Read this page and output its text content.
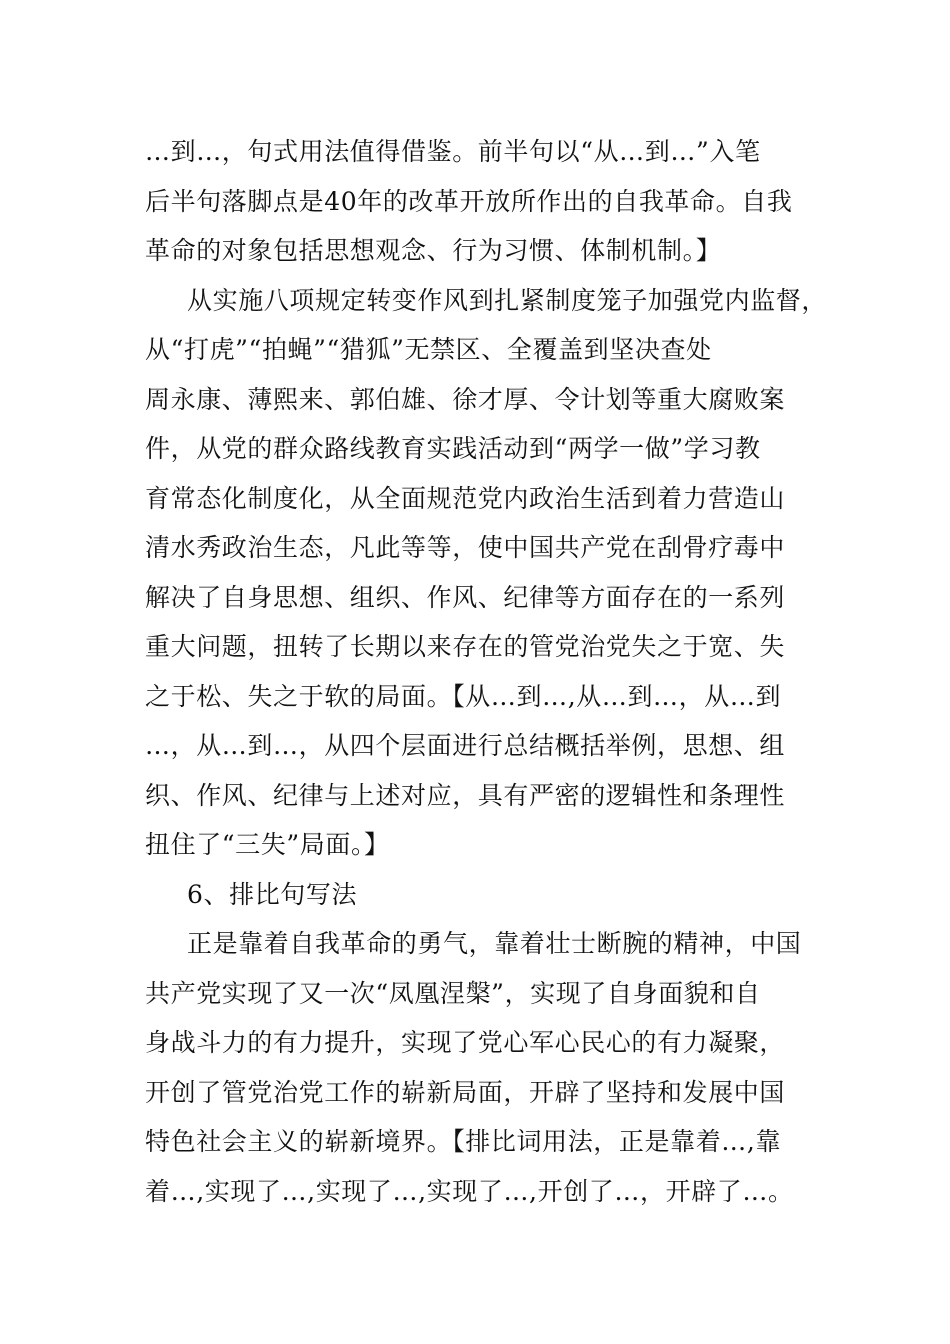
…到…，句式用法值得借鉴。前半句以“从…到…”入笔
后半句落脚点是40年的改革开放所作出的自我革命。自我
革命的对象包括思想观念、行为习惯、体制机制。】
从实施八项规定转变作风到扎紧制度笼子加强党内监督，
从“打虎”“拍蝇”“猎狐”无禁区、全覆盖到坚决查处
周永康、薄熙来、郭伯雄、徐才厚、令计划等重大腐败案
件，从党的群众路线教育实践活动到“两学一做”学习教
育常态化制度化，从全面规范党内政治生活到着力营造山
清水秀政治生态，凡此等等，使中国共产党在刮骨疗毒中
解决了自身思想、组织、作风、纪律等方面存在的一系列
重大问题，扭转了长期以来存在的管党治党失之于宽、失
之于松、失之于软的局面。【从…到…,从…到…，从…到
…，从…到…，从四个层面进行总结概括举例，思想、组
织、作风、纪律与上述对应，具有严密的逻辑性和条理性
扭住了“三失”局面。】
6、排比句写法
正是靠着自我革命的勇气，靠着壮士断腕的精神，中国
共产党实现了又一次“凤凰涅槃”，实现了自身面貌和自
身战斗力的有力提升，实现了党心军心民心的有力凝聚，
开创了管党治党工作的崭新局面，开辟了坚持和发展中国
特色社会主义的崭新境界。【排比词用法，正是靠着…,靠
着…,实现了…,实现了…,实现了…,开创了…，开辟了…。
